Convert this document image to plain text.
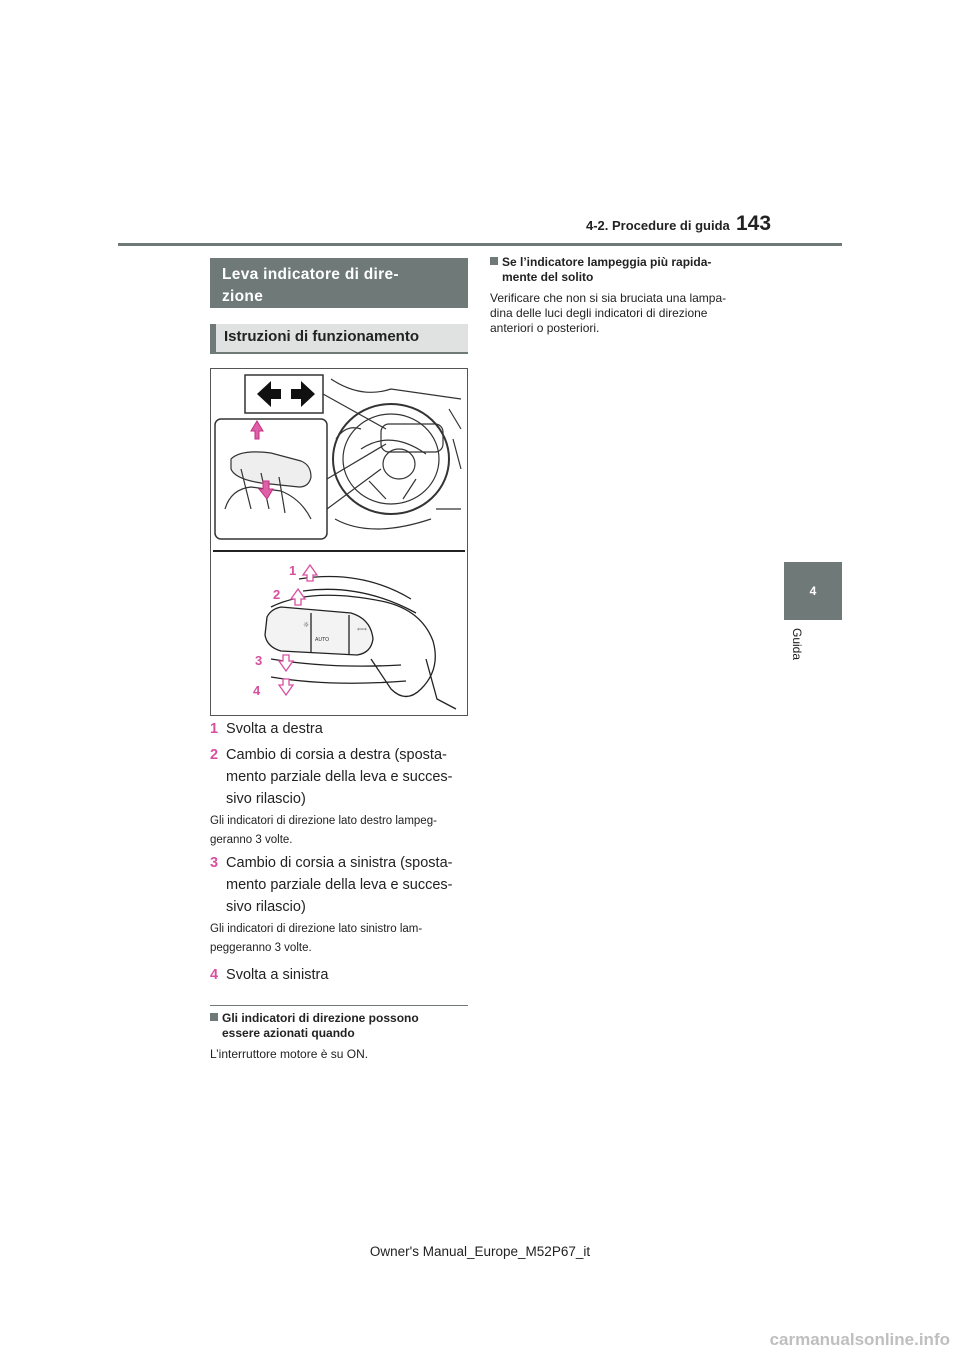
4-2. Procedure di guida 143
4
Guida
Leva indicatore di dire-
zione
Istruzioni di funzionamento
☼
AUTO
⇦⇨
1
2
3
4
1 Svolta a destra
2 Cambio di corsia a destra (sposta-
mento parziale della leva e succes-
sivo rilascio)
Gli indicatori di direzione lato destro lampeg-
geranno 3 volte.
3 Cambio di corsia a sinistra (sposta-
mento parziale della leva e succes-
sivo rilascio)
Gli indicatori di direzione lato sinistro lam-
peggeranno 3 volte.
4 Svolta a sinistra
Gli indicatori di direzione possono
essere azionati quando
L’interruttore motore è su ON.
Se l’indicatore lampeggia più rapida-
mente del solito
Verificare che non si sia bruciata una lampa-
dina delle luci degli indicatori di direzione
anteriori o posteriori.
Owner's Manual_Europe_M52P67_it
carmanualsonline.info
